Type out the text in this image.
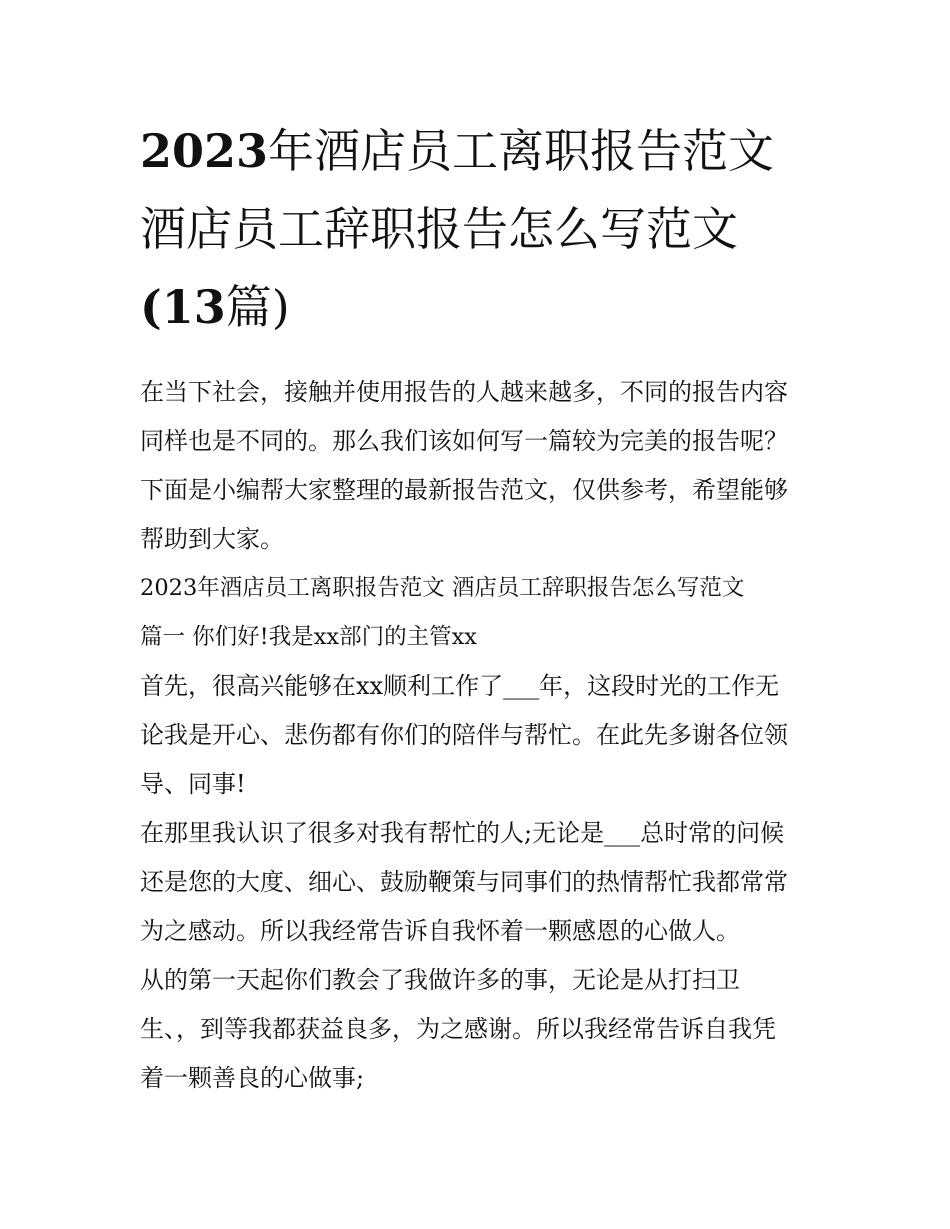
2023年酒店员工离职报告范文
酒店员工辞职报告怎么写范文
(13篇)
在当下社会，接触并使用报告的人越来越多，不同的报告内容
同样也是不同的。那么我们该如何写一篇较为完美的报告呢？
下面是小编帮大家整理的最新报告范文，仅供参考，希望能够
帮助到大家。
2023年酒店员工离职报告范文 酒店员工辞职报告怎么写范文
篇一 你们好!我是xx部门的主管xx
首先，很高兴能够在xx顺利工作了___年，这段时光的工作无
论我是开心、悲伤都有你们的陪伴与帮忙。在此先多谢各位领
导、同事!
在那里我认识了很多对我有帮忙的人;无论是___总时常的问候
还是您的大度、细心、鼓励鞭策与同事们的热情帮忙我都常常
为之感动。所以我经常告诉自我怀着一颗感恩的心做人。
从的第一天起你们教会了我做许多的事，无论是从打扫卫
生、，到等我都获益良多，为之感谢。所以我经常告诉自我凭
着一颗善良的心做事;
